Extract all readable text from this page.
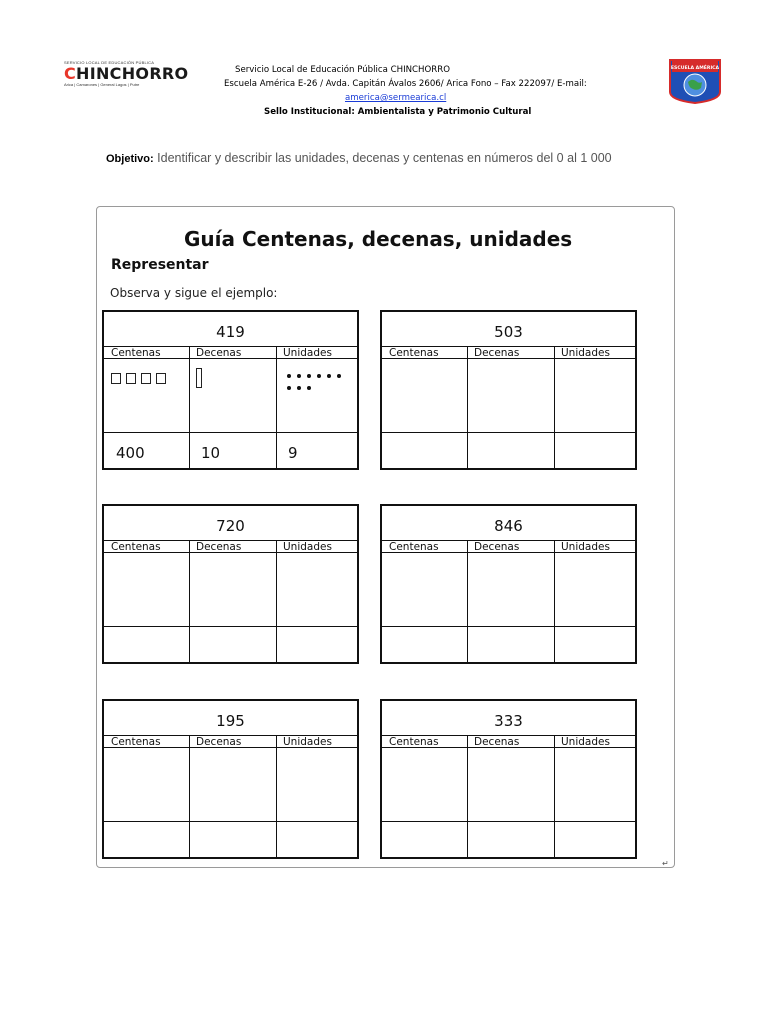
SERVICIO LOCAL DE EDUCACIÓN PÚBLICA
CHINCHORRO
Arica | Camarones | General Lagos | Putre
Servicio Local de Educación Pública CHINCHORRO
Escuela América E-26 / Avda. Capitán Ávalos 2606/ Arica Fono – Fax 222097/ E-mail:
america@sermearica.cl
Sello Institucional: Ambientalista y Patrimonio Cultural
ESCUELA AMÉRICA
Objetivo: Identificar y describir las unidades, decenas y centenas en números del 0 al 1 000
Guía Centenas, decenas, unidades
Representar
Observa y sigue el ejemplo:
419
Centenas	Decenas	Unidades
400	10	9
503
Centenas	Decenas	Unidades
720
Centenas	Decenas	Unidades
846
Centenas	Decenas	Unidades
195
Centenas	Decenas	Unidades
333
Centenas	Decenas	Unidades
↵
